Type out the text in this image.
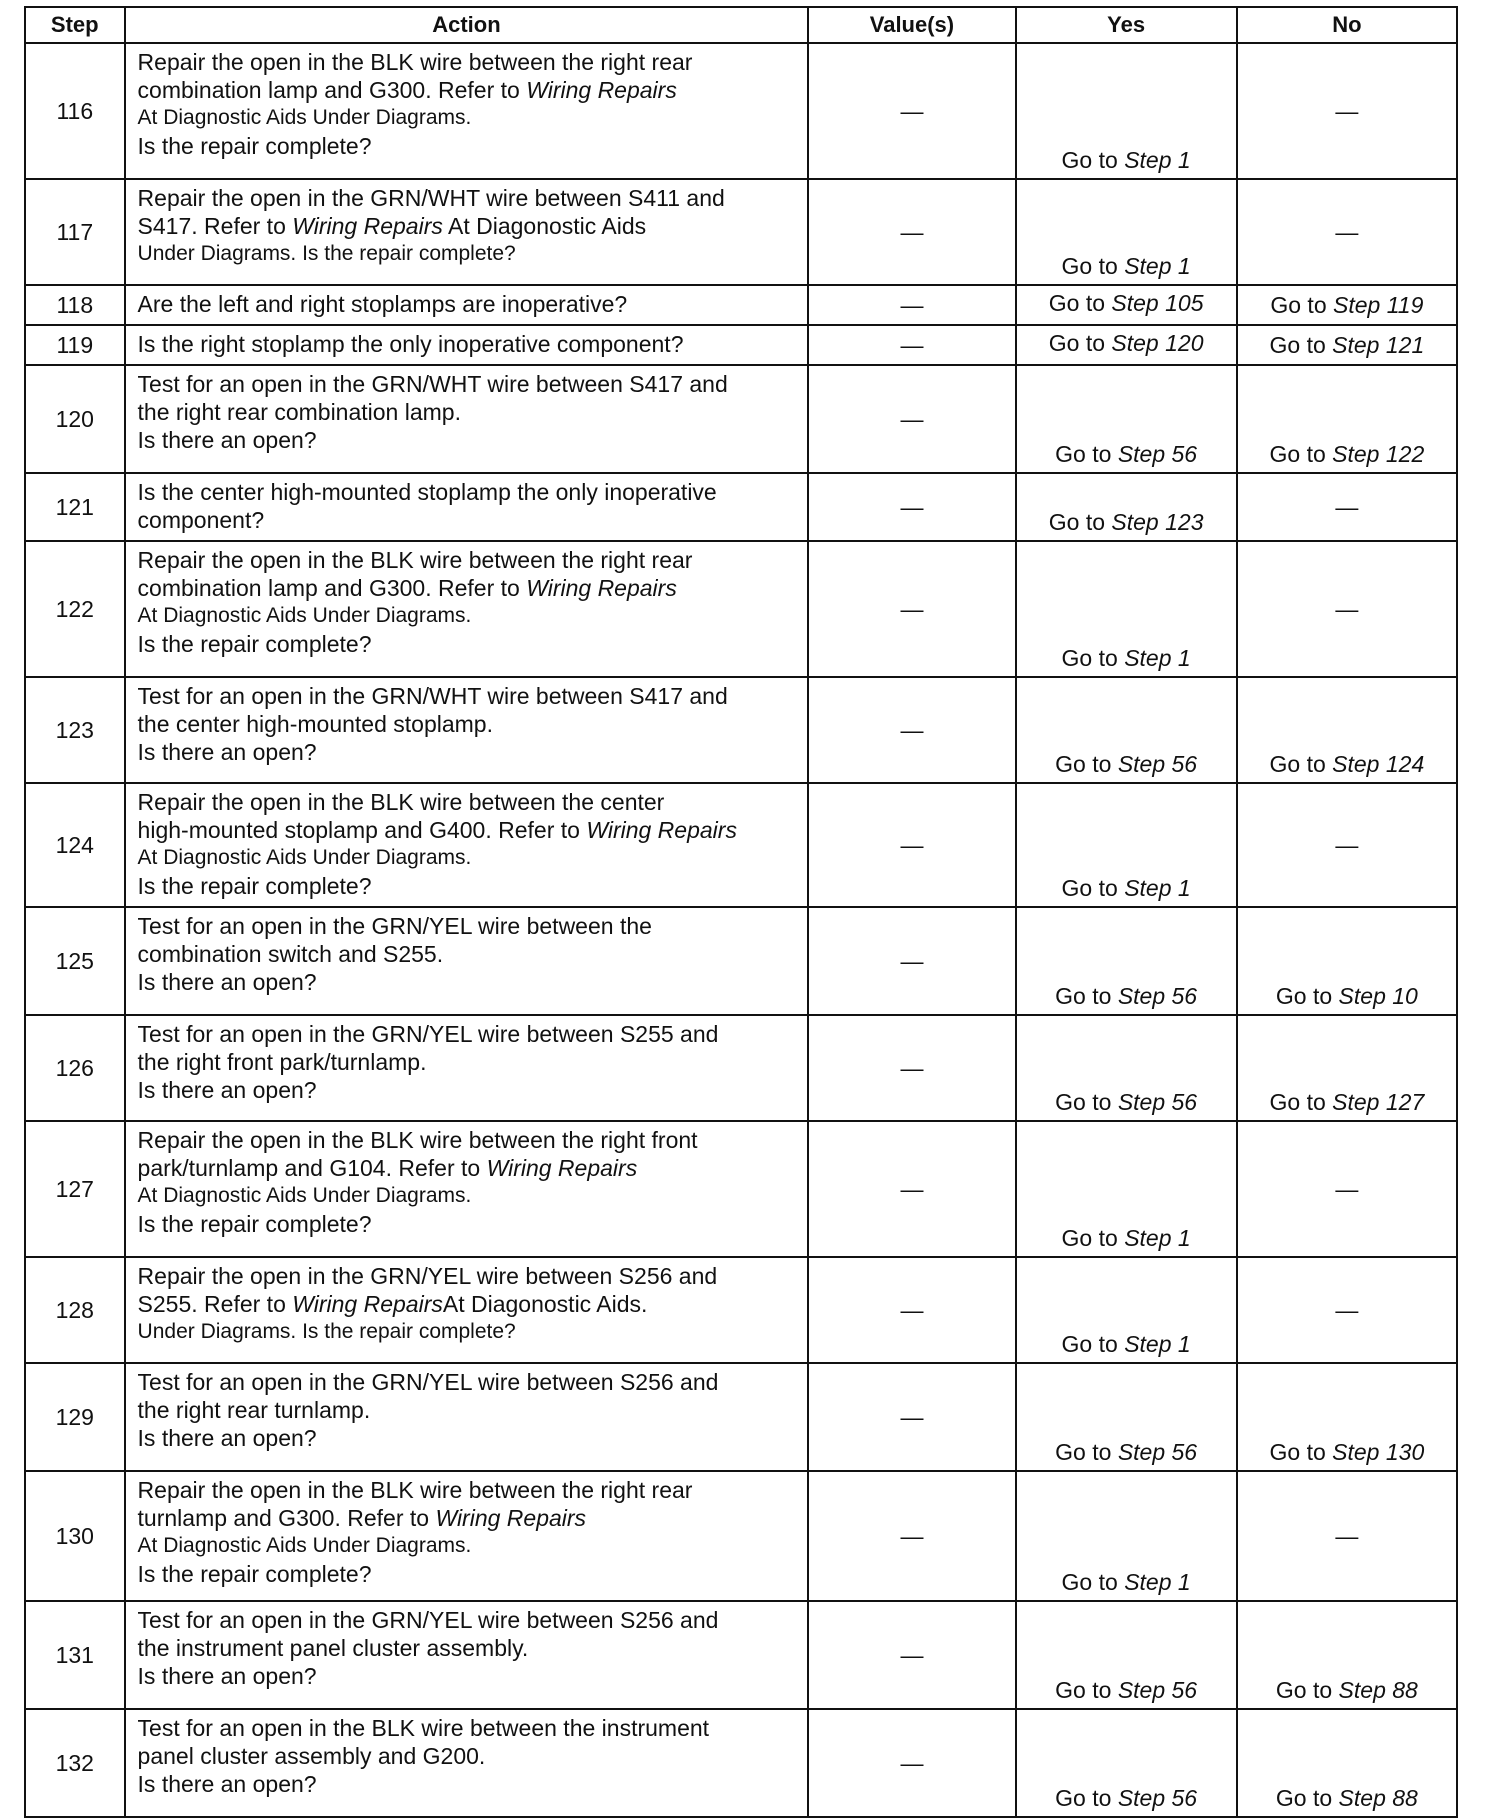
Step	Action	Value(s)	Yes	No
116	Repair the open in the BLK wire between the right rear
combination lamp and G300. Refer to Wiring Repairs
At Diagnostic Aids Under Diagrams.
Is the repair complete?	—	Go to Step 1	—
117	Repair the open in the GRN/WHT wire between S411 and
S417. Refer to Wiring Repairs At Diagonostic Aids
Under Diagrams. Is the repair complete?	—	Go to Step 1	—
118	Are the left and right stoplamps are inoperative?	—	Go to Step 105	Go to Step 119
119	Is the right stoplamp the only inoperative component?	—	Go to Step 120	Go to Step 121
120	Test for an open in the GRN/WHT wire between S417 and
the right rear combination lamp.
Is there an open?	—	Go to Step 56	Go to Step 122
121	Is the center high-mounted stoplamp the only inoperative
component?	—	Go to Step 123	—
122	Repair the open in the BLK wire between the right rear
combination lamp and G300. Refer to Wiring Repairs
At Diagnostic Aids Under Diagrams.
Is the repair complete?	—	Go to Step 1	—
123	Test for an open in the GRN/WHT wire between S417 and
the center high-mounted stoplamp.
Is there an open?	—	Go to Step 56	Go to Step 124
124	Repair the open in the BLK wire between the center
high-mounted stoplamp and G400. Refer to Wiring Repairs
At Diagnostic Aids Under Diagrams.
Is the repair complete?	—	Go to Step 1	—
125	Test for an open in the GRN/YEL wire between the
combination switch and S255.
Is there an open?	—	Go to Step 56	Go to Step 10
126	Test for an open in the GRN/YEL wire between S255 and
the right front park/turnlamp.
Is there an open?	—	Go to Step 56	Go to Step 127
127	Repair the open in the BLK wire between the right front
park/turnlamp and G104. Refer to Wiring Repairs
At Diagnostic Aids Under Diagrams.
Is the repair complete?	—	Go to Step 1	—
128	Repair the open in the GRN/YEL wire between S256 and
S255. Refer to Wiring RepairsAt Diagonostic Aids.
Under Diagrams. Is the repair complete?	—	Go to Step 1	—
129	Test for an open in the GRN/YEL wire between S256 and
the right rear turnlamp.
Is there an open?	—	Go to Step 56	Go to Step 130
130	Repair the open in the BLK wire between the right rear
turnlamp and G300. Refer to Wiring Repairs
At Diagnostic Aids Under Diagrams.
Is the repair complete?	—	Go to Step 1	—
131	Test for an open in the GRN/YEL wire between S256 and
the instrument panel cluster assembly.
Is there an open?	—	Go to Step 56	Go to Step 88
132	Test for an open in the BLK wire between the instrument
panel cluster assembly and G200.
Is there an open?	—	Go to Step 56	Go to Step 88
